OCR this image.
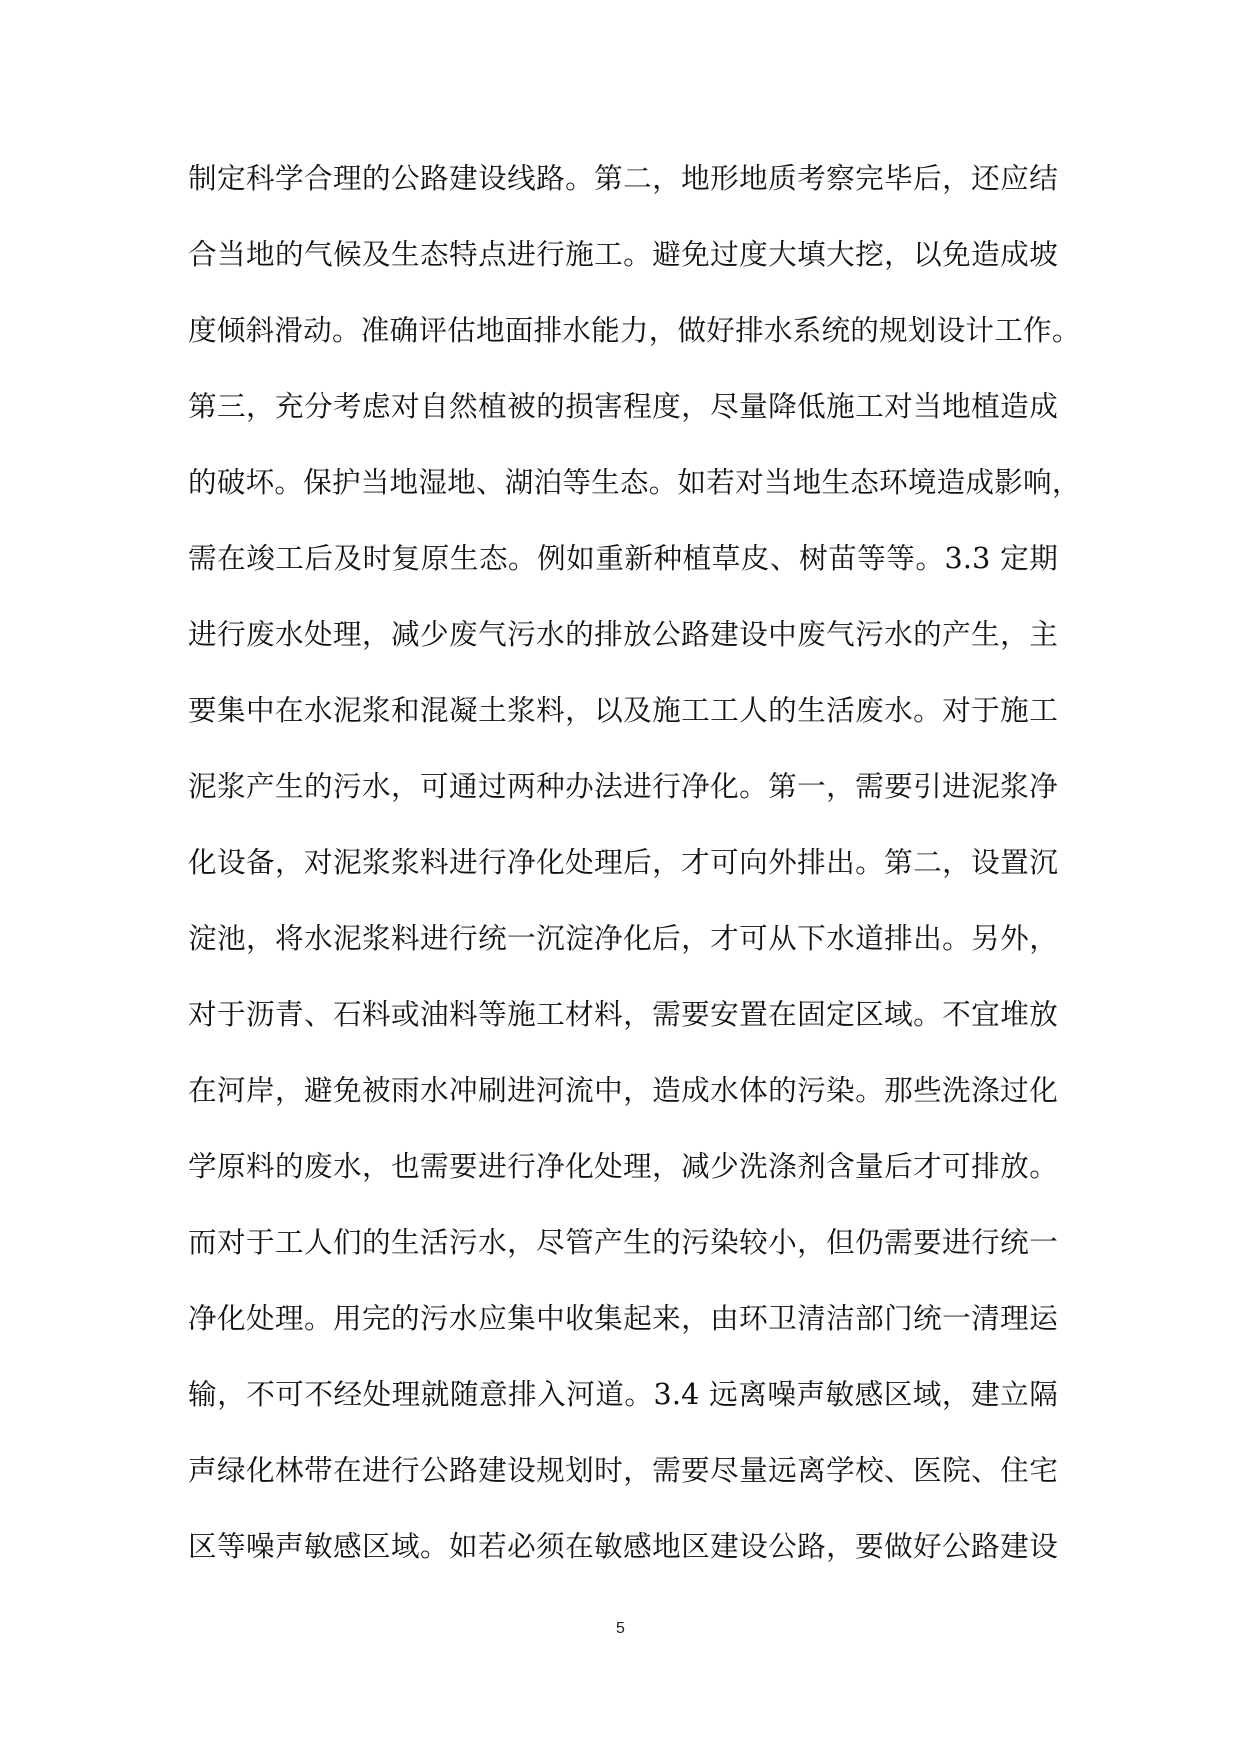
制定科学合理的公路建设线路。第二，地形地质考察完毕后，还应结
合当地的气候及生态特点进行施工。避免过度大填大挖，以免造成坡
度倾斜滑动。准确评估地面排水能力，做好排水系统的规划设计工作。
第三，充分考虑对自然植被的损害程度，尽量降低施工对当地植造成
的破坏。保护当地湿地、湖泊等生态。如若对当地生态环境造成影响，
需在竣工后及时复原生态。例如重新种植草皮、树苗等等。3.3 定期
进行废水处理，减少废气污水的排放公路建设中废气污水的产生，主
要集中在水泥浆和混凝土浆料，以及施工工人的生活废水。对于施工
泥浆产生的污水，可通过两种办法进行净化。第一，需要引进泥浆净
化设备，对泥浆浆料进行净化处理后，才可向外排出。第二，设置沉
淀池，将水泥浆料进行统一沉淀净化后，才可从下水道排出。另外，
对于沥青、石料或油料等施工材料，需要安置在固定区域。不宜堆放
在河岸，避免被雨水冲刷进河流中，造成水体的污染。那些洗涤过化
学原料的废水，也需要进行净化处理，减少洗涤剂含量后才可排放。
而对于工人们的生活污水，尽管产生的污染较小，但仍需要进行统一
净化处理。用完的污水应集中收集起来，由环卫清洁部门统一清理运
输，不可不经处理就随意排入河道。3.4 远离噪声敏感区域，建立隔
声绿化林带在进行公路建设规划时，需要尽量远离学校、医院、住宅
区等噪声敏感区域。如若必须在敏感地区建设公路，要做好公路建设
5
